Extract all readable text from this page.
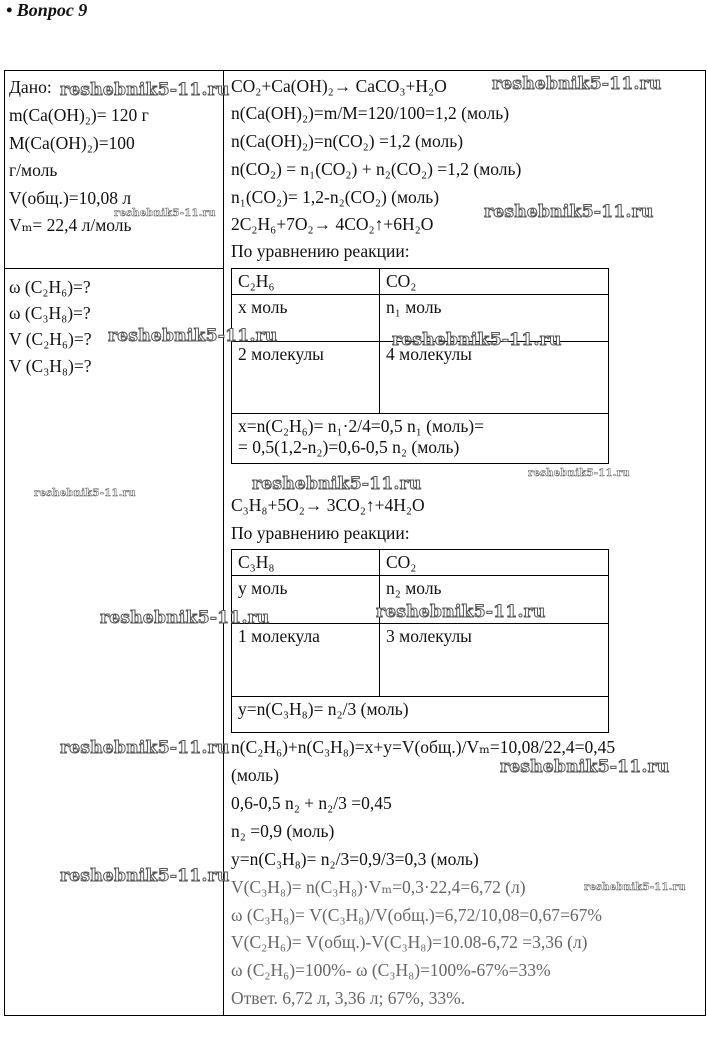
• Вопрос 9
Дано:
m(Ca(OH)₂)= 120 г
M(Ca(OH)₂)=100
г/моль
V(общ.)=10,08 л
Vₘ= 22,4 л/моль
ω (C₂H₆)=?
ω (C₃H₈)=?
V (C₂H₆)=?
V (C₃H₈)=?
CO₂+Ca(OH)₂→ CaCO₃+H₂O
n(Ca(OH)₂)=m/M=120/100=1,2 (моль)
n(Ca(OH)₂)=n(CO₂) =1,2 (моль)
n(CO₂) = n₁(CO₂) + n₂(CO₂) =1,2 (моль)
n₁(CO₂)= 1,2-n₂(CO₂) (моль)
2C₂H₆+7O₂→ 4CO₂↑+6H₂O
По уравнению реакции:
C₂H₆	CO₂
x моль	n₁ моль
2 молекулы	4 молекулы

x=n(C₂H₆)= n₁·2/4=0,5 n₁ (моль)=
= 0,5(1,2-n₂)=0,6-0,5 n₂ (моль)	
C₃H₈+5O₂→ 3CO₂↑+4H₂O
По уравнению реакции:
C₃H₈	CO₂
y моль	n₂ моль
1 молекула	3 молекулы
y=n(C₃H₈)= n₂/3 (моль)	
n(C₂H₆)+n(C₃H₈)=x+y=V(общ.)/Vₘ=10,08/22,4=0,45
(моль)
0,6-0,5 n₂ + n₂/3 =0,45
n₂ =0,9 (моль)
y=n(C₃H₈)= n₂/3=0,9/3=0,3 (моль)
V(C₃H₈)= n(C₃H₈)·Vₘ=0,3·22,4=6,72 (л)
ω (C₃H₈)= V(C₃H₈)/V(общ.)=6,72/10,08=0,67=67%
V(C₂H₆)= V(общ.)-V(C₃H₈)=10.08-6,72 =3,36 (л)
ω (C₂H₆)=100%- ω (C₃H₈)=100%-67%=33%
Ответ. 6,72 л, 3,36 л; 67%, 33%.
reshebnik5-11.ru	reshebnik5-11.ru
reshebnik5-11.ru	reshebnik5-11.ru
reshebnik5-11.ru	reshebnik5-11.ru
reshebnik5-11.ru
reshebnik5-11.ru
reshebnik5-11.ru
reshebnik5-11.ru	reshebnik5-11.ru
reshebnik5-11.ru
reshebnik5-11.ru
reshebnik5-11.ru
reshebnik5-11.ru
